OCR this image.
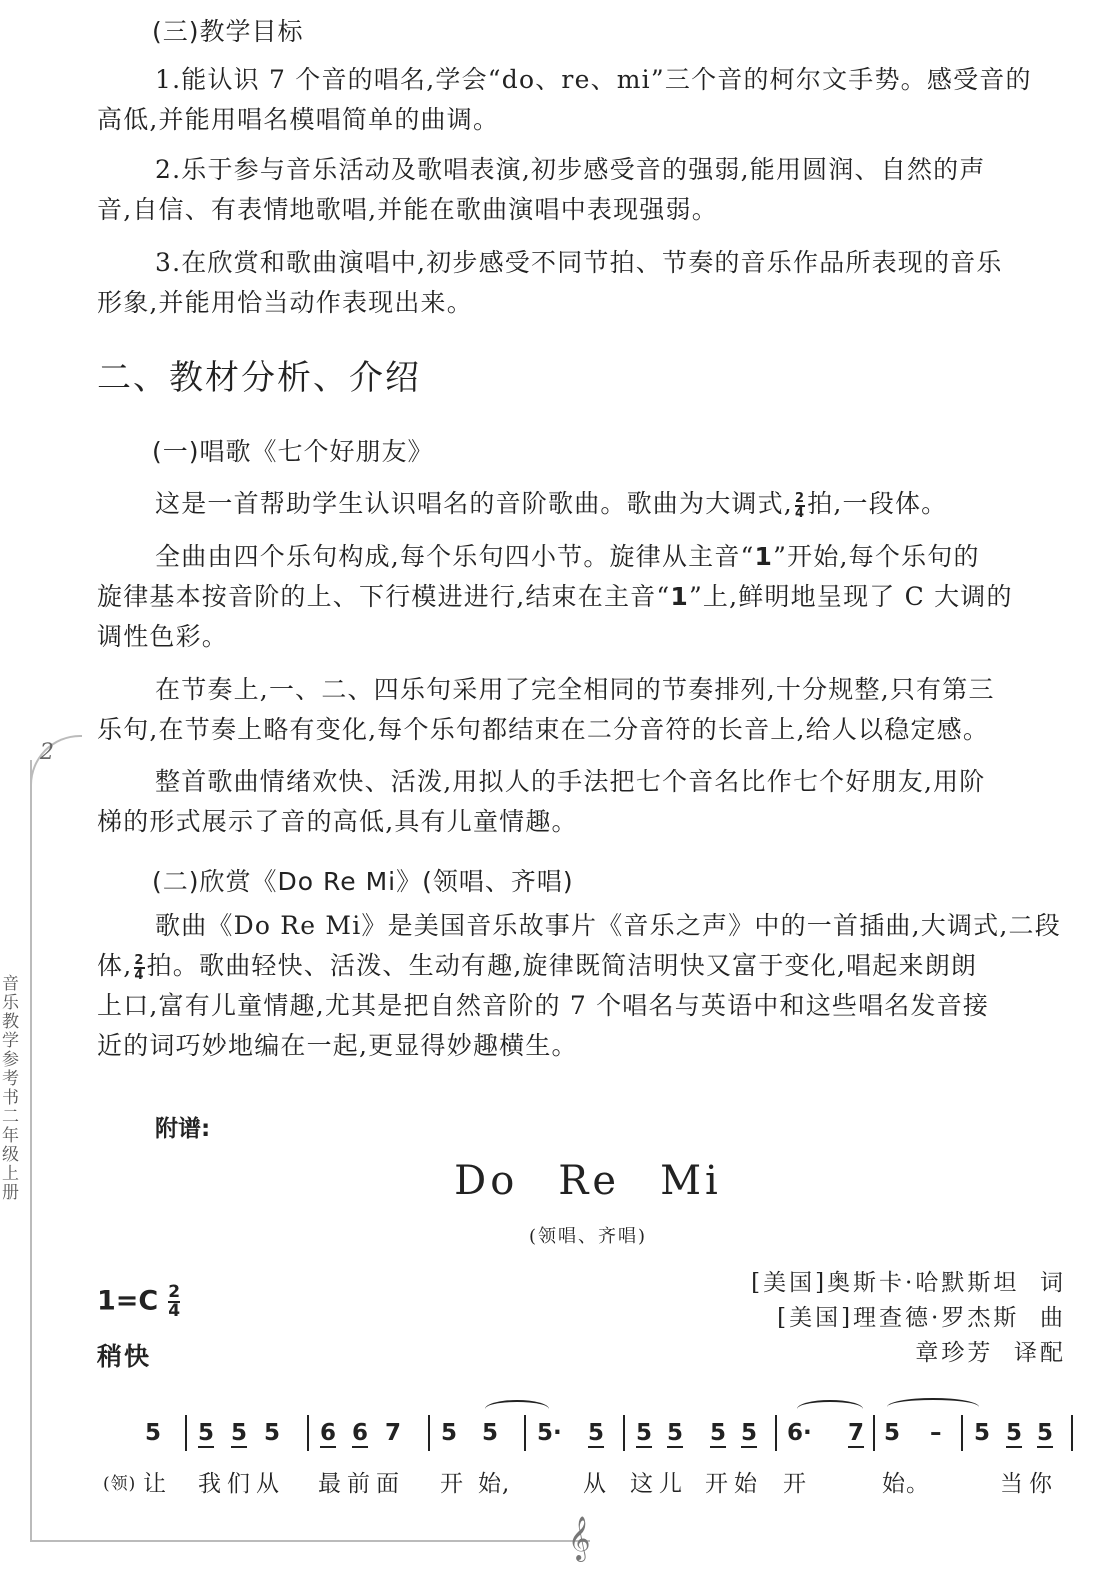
2
音乐教学参考书二年级上册
𝄞
(三)教学目标
1.能认识 7 个音的唱名,学会“do、re、mi”三个音的柯尔文手势。感受音的
高低,并能用唱名模唱简单的曲调。
2.乐于参与音乐活动及歌唱表演,初步感受音的强弱,能用圆润、自然的声
音,自信、有表情地歌唱,并能在歌曲演唱中表现强弱。
3.在欣赏和歌曲演唱中,初步感受不同节拍、节奏的音乐作品所表现的音乐
形象,并能用恰当动作表现出来。
二、教材分析、介绍
(一)唱歌《七个好朋友》
这是一首帮助学生认识唱名的音阶歌曲。歌曲为大调式, $\frac{2}{4}$ 拍,一段体。
全曲由四个乐句构成,每个乐句四小节。旋律从主音“1”开始,每个乐句的
旋律基本按音阶的上、下行模进进行,结束在主音“1”上,鲜明地呈现了 C 大调的
调性色彩。
在节奏上,一、二、四乐句采用了完全相同的节奏排列,十分规整,只有第三
乐句,在节奏上略有变化,每个乐句都结束在二分音符的长音上,给人以稳定感。
整首歌曲情绪欢快、活泼,用拟人的手法把七个音名比作七个好朋友,用阶
梯的形式展示了音的高低,具有儿童情趣。
(二)欣赏《Do Re Mi》(领唱、齐唱)
歌曲《Do Re Mi》是美国音乐故事片《音乐之声》中的一首插曲,大调式,二段
体, $\frac{2}{4}$ 拍。歌曲轻快、活泼、生动有趣,旋律既简洁明快又富于变化,唱起来朗朗
上口,富有儿童情趣,尤其是把自然音阶的 7 个唱名与英语中和这些唱名发音接
近的词巧妙地编在一起,更显得妙趣横生。
附谱:
Do Re Mi
(领唱、齐唱)
$1=C \frac{2}{4}$
稍快
[美国]奥斯卡·哈默斯坦  词
[美国]理查德·罗杰斯  曲
章珍芳  译配
5 5 5 5 6 6 7 5 5 5· 5 5 5 5 5 6· 7 5 – 5 5 5
(领) 让 我们从 最前面 开 始,	从 这儿 开始 开	始。	当你
